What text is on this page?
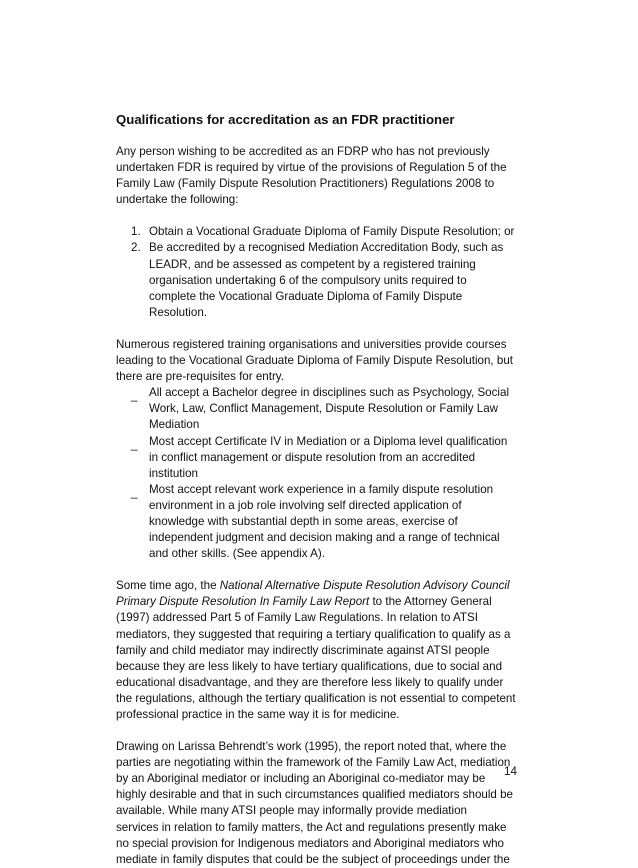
Qualifications for accreditation as an FDR practitioner
Any person wishing to be accredited as an FDRP who has not previously
undertaken FDR is required by virtue of the provisions of Regulation 5 of the
Family Law (Family Dispute Resolution Practitioners) Regulations 2008 to
undertake the following:
1. Obtain a Vocational Graduate Diploma of Family Dispute Resolution; or
2. Be accredited by a recognised Mediation Accreditation Body, such as
LEADR, and be assessed as competent by a registered training
organisation undertaking 6 of the compulsory units required to
complete the Vocational Graduate Diploma of Family Dispute
Resolution.
Numerous registered training organisations and universities provide courses
leading to the Vocational Graduate Diploma of Family Dispute Resolution, but
there are pre-requisites for entry.
_ All accept a Bachelor degree in disciplines such as Psychology, Social
Work, Law, Conflict Management, Dispute Resolution or Family Law
Mediation
_ Most accept Certificate IV in Mediation or a Diploma level qualification
in conflict management or dispute resolution from an accredited
institution
_ Most accept relevant work experience in a family dispute resolution
environment in a job role involving self directed application of
knowledge with substantial depth in some areas, exercise of
independent judgment and decision making and a range of technical
and other skills. (See appendix A).
Some time ago, the National Alternative Dispute Resolution Advisory Council
Primary Dispute Resolution In Family Law Report to the Attorney General
(1997) addressed Part 5 of Family Law Regulations. In relation to ATSI
mediators, they suggested that requiring a tertiary qualification to qualify as a
family and child mediator may indirectly discriminate against ATSI people
because they are less likely to have tertiary qualifications, due to social and
educational disadvantage, and they are therefore less likely to qualify under
the regulations, although the tertiary qualification is not essential to competent
professional practice in the same way it is for medicine.
Drawing on Larissa Behrendt’s work (1995), the report noted that, where the
parties are negotiating within the framework of the Family Law Act, mediation
by an Aboriginal mediator or including an Aboriginal co-mediator may be
highly desirable and that in such circumstances qualified mediators should be
available. While many ATSI people may informally provide mediation
services in relation to family matters, the Act and regulations presently make
no special provision for Indigenous mediators and Aboriginal mediators who
mediate in family disputes that could be the subject of proceedings under the
14
